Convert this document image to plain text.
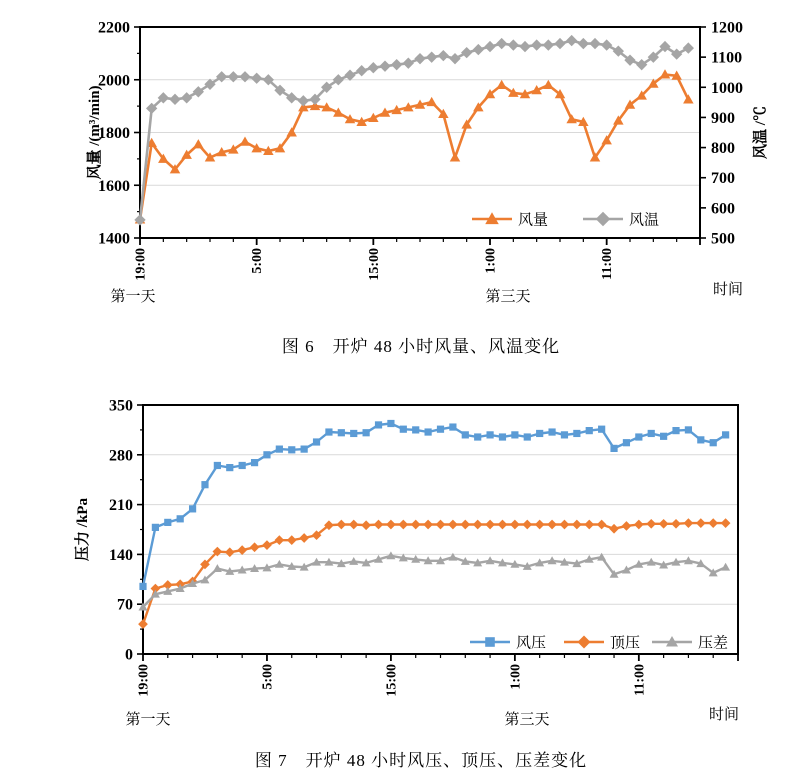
1400
1600
1800
2000
2200
风量 /(m³/min)
500
600
700
800
900
1000
1100
1200
风温 /℃
19:00	5:00	15:00	1:00	11:00
第一天	第三天	时间
风量	风温
图 6　开炉 48 小时风量、风温变化
0
70
140
210
280
350
压力 /kPa
19:00	5:00	15:00	1:00	11:00
第一天	第三天	时间
风压	顶压	压差
图 7　开炉 48 小时风压、顶压、压差变化
